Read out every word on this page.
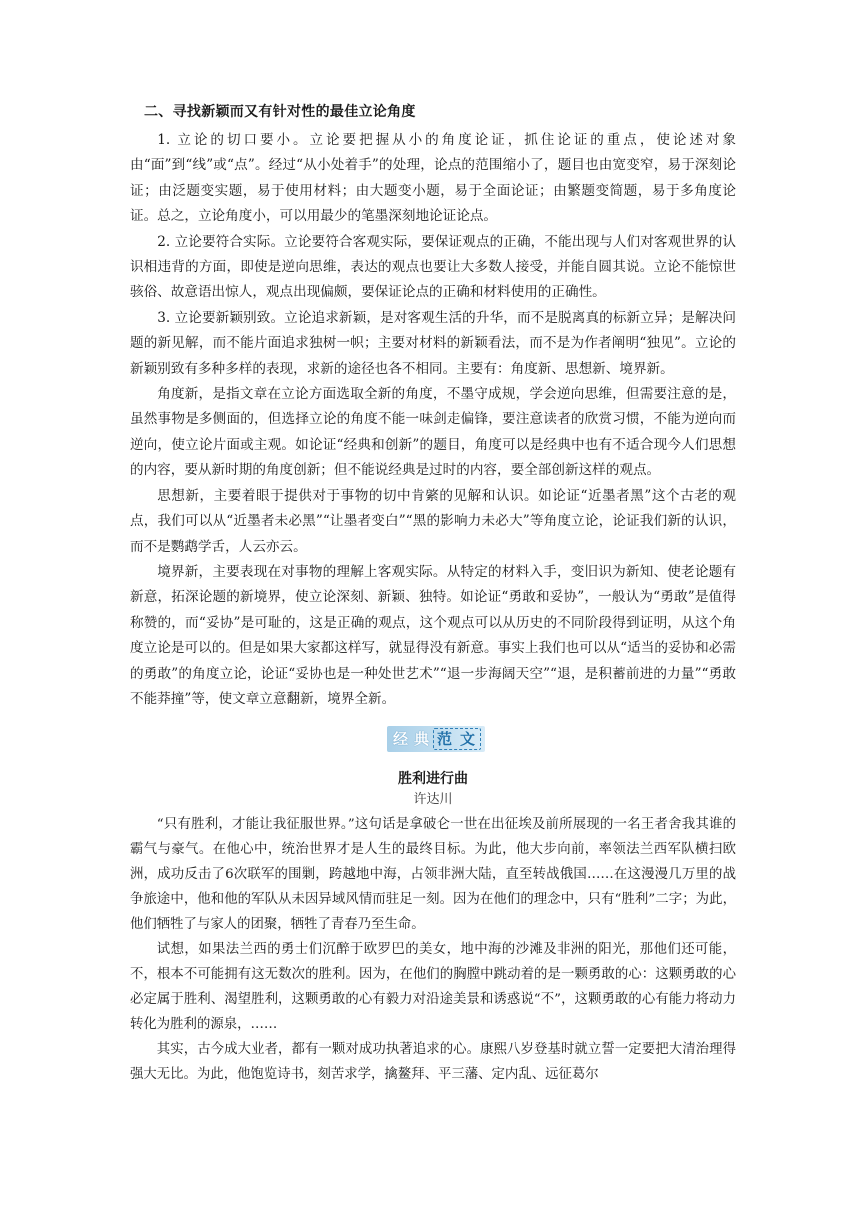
二、寻找新颖而又有针对性的最佳立论角度

1. 立论的切口要小。立论要把握从小的角度论证，抓住论证的重点，使论述对象由“面”到“线”或“点”。经过“从小处着手”的处理，论点的范围缩小了，题目也由宽变窄，易于深刻论证；由泛题变实题，易于使用材料；由大题变小题，易于全面论证；由繁题变简题，易于多角度论证。总之，立论角度小，可以用最少的笔墨深刻地论证论点。

2. 立论要符合实际。立论要符合客观实际，要保证观点的正确，不能出现与人们对客观世界的认识相违背的方面，即使是逆向思维，表达的观点也要让大多数人接受，并能自圆其说。立论不能惊世骇俗、故意语出惊人，观点出现偏颇，要保证论点的正确和材料使用的正确性。

3. 立论要新颖别致。立论追求新颖，是对客观生活的升华，而不是脱离真的标新立异；是解决问题的新见解，而不能片面追求独树一帜；主要对材料的新颖看法，而不是为作者阐明“独见”。立论的新颖别致有多种多样的表现，求新的途径也各不相同。主要有：角度新、思想新、境界新。

角度新，是指文章在立论方面选取全新的角度，不墨守成规，学会逆向思维，但需要注意的是，虽然事物是多侧面的，但选择立论的角度不能一味剑走偏锋，要注意读者的欣赏习惯，不能为逆向而逆向，使立论片面或主观。如论证“经典和创新”的题目，角度可以是经典中也有不适合现今人们思想的内容，要从新时期的角度创新；但不能说经典是过时的内容，要全部创新这样的观点。

思想新，主要着眼于提供对于事物的切中肯綮的见解和认识。如论证“近墨者黑”这个古老的观点，我们可以从“近墨者未必黑”“让墨者变白”“黑的影响力未必大”等角度立论，论证我们新的认识，而不是鹦鹉学舌，人云亦云。

境界新，主要表现在对事物的理解上客观实际。从特定的材料入手，变旧识为新知、使老论题有新意，拓深论题的新境界，使立论深刻、新颖、独特。如论证“勇敢和妥协”，一般认为“勇敢”是值得称赞的，而“妥协”是可耻的，这是正确的观点，这个观点可以从历史的不同阶段得到证明，从这个角度立论是可以的。但是如果大家都这样写，就显得没有新意。事实上我们也可以从“适当的妥协和必需的勇敢”的角度立论，论证“妥协也是一种处世艺术”“退一步海阔天空”“退，是积蓄前进的力量”“勇敢不能莽撞”等，使文章立意翻新，境界全新。

经 典 范 文

胜利进行曲

许达川

“只有胜利，才能让我征服世界。”这句话是拿破仑一世在出征埃及前所展现的一名王者舍我其谁的霸气与豪气。在他心中，统治世界才是人生的最终目标。为此，他大步向前，率领法兰西军队横扫欧洲，成功反击了6次联军的围剿，跨越地中海，占领非洲大陆，直至转战俄国……在这漫漫几万里的战争旅途中，他和他的军队从未因异域风情而驻足一刻。因为在他们的理念中，只有“胜利”二字；为此，他们牺牲了与家人的团聚，牺牲了青春乃至生命。

试想，如果法兰西的勇士们沉醉于欧罗巴的美女，地中海的沙滩及非洲的阳光，那他们还可能，不，根本不可能拥有这无数次的胜利。因为，在他们的胸膛中跳动着的是一颗勇敢的心：这颗勇敢的心必定属于胜利、渴望胜利，这颗勇敢的心有毅力对沿途美景和诱惑说“不”，这颗勇敢的心有能力将动力转化为胜利的源泉，……

其实，古今成大业者，都有一颗对成功执著追求的心。康熙八岁登基时就立誓一定要把大清治理得强大无比。为此，他饱览诗书，刻苦求学，擒鳌拜、平三藩、定内乱、远征葛尔
